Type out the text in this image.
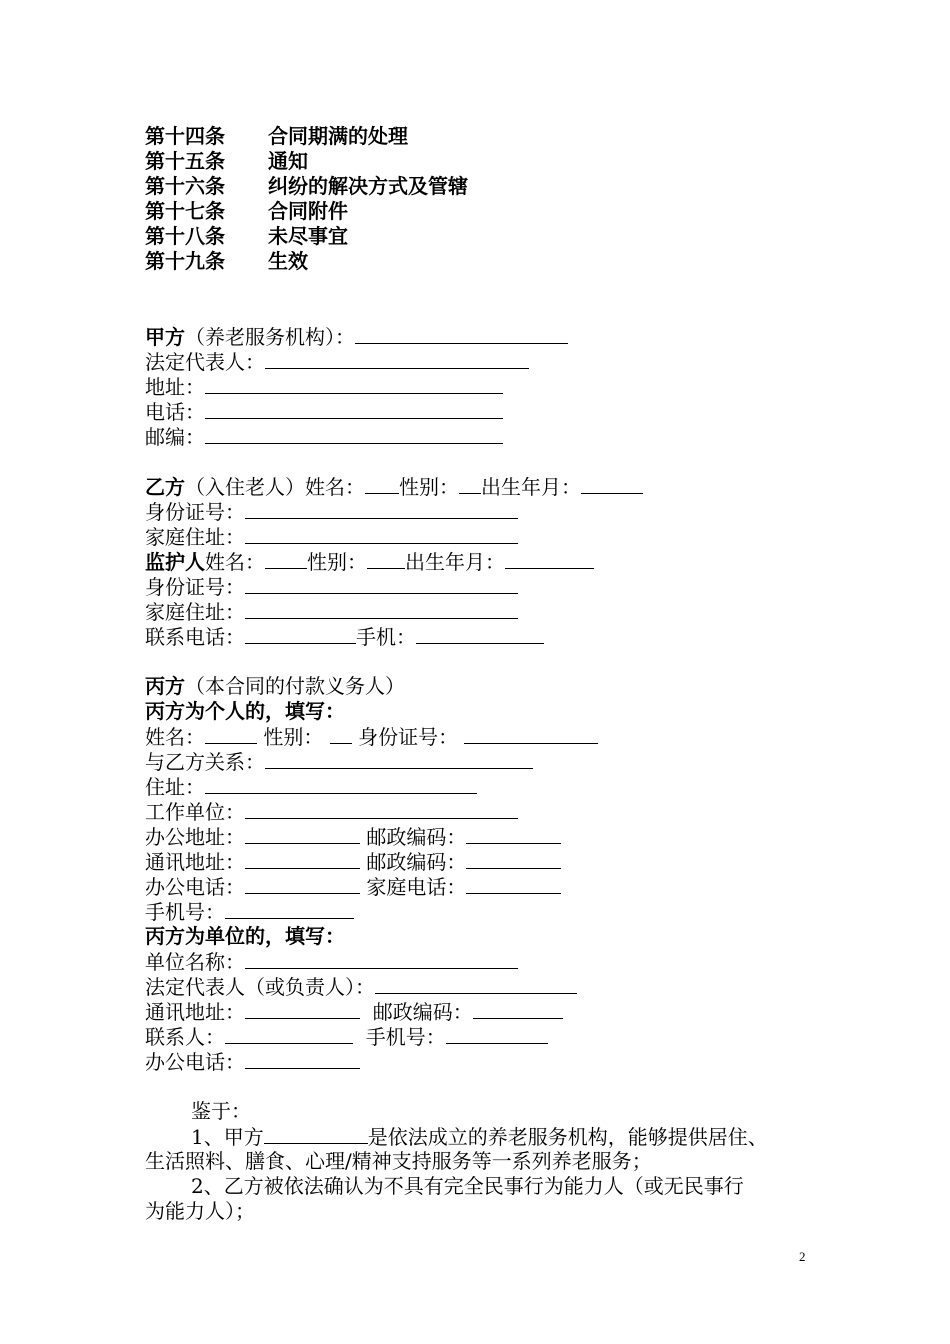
第十四条 合同期满的处理
第十五条 通知
第十六条 纠纷的解决方式及管辖
第十七条 合同附件
第十八条 未尽事宜
第十九条 生效
甲方（养老服务机构）：
法定代表人：
地址：
电话：
邮编：
乙方（入住老人）姓名： 性别： 出生年月：
身份证号：
家庭住址：
监护人姓名： 性别： 出生年月：
身份证号：
家庭住址：
联系电话：	手机：
丙方（本合同的付款义务人）
丙方为个人的，填写：
姓名：	性别： 身份证号：
与乙方关系：
住址：
工作单位：
办公地址：	邮政编码：
通讯地址：	邮政编码：
办公电话：	家庭电话：
手机号：
丙方为单位的，填写：
单位名称：
法定代表人（或负责人）：
通讯地址：	邮政编码：
联系人：	手机号：
办公电话：
鉴于：
1、甲方	是依法成立的养老服务机构，能够提供居住、
生活照料、膳食、心理/精神支持服务等一系列养老服务；
2、乙方被依法确认为不具有完全民事行为能力人（或无民事行
为能力人）；
2
